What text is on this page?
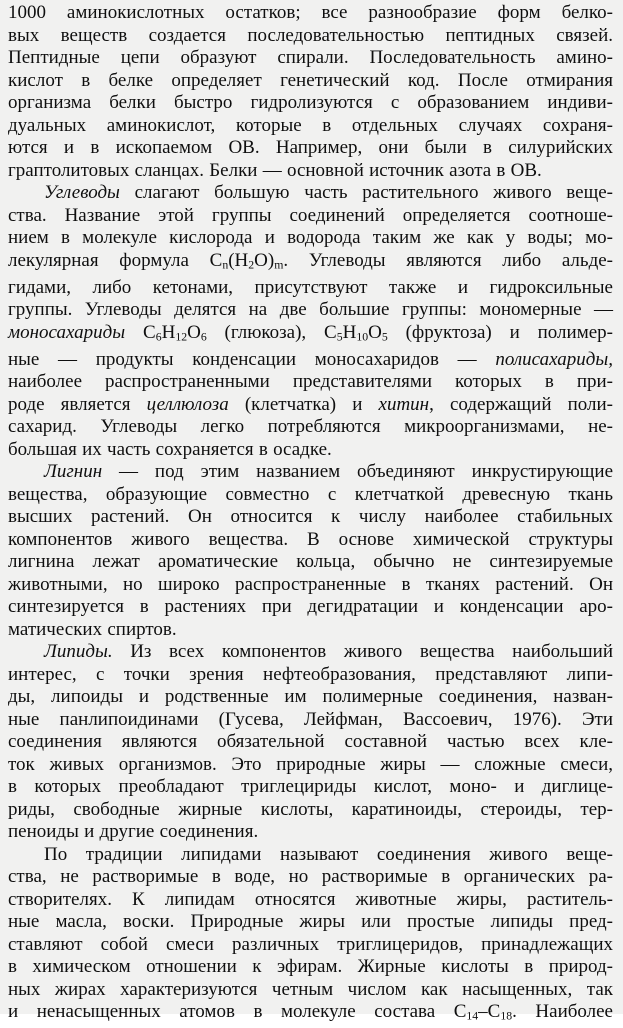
1000 аминокислотных остатков; все разнообразие форм белко-
вых веществ создается последовательностью пептидных связей.
Пептидные цепи образуют спирали. Последовательность амино-
кислот в белке определяет генетический код. После отмирания
организма белки быстро гидролизуются с образованием индиви-
дуальных аминокислот, которые в отдельных случаях сохраня-
ются и в ископаемом ОВ. Например, они были в силурийских
граптолитовых сланцах. Белки — основной источник азота в ОВ.
Углеводы слагают большую часть растительного живого веще-
ства. Название этой группы соединений определяется соотноше-
нием в молекуле кислорода и водорода таким же как у воды; мо-
лекулярная формула Cn(H2O)m. Углеводы являются либо альде-
гидами, либо кетонами, присутствуют также и гидроксильные
группы. Углеводы делятся на две большие группы: мономерные —
моносахариды C6H12O6 (глюкоза), C5H10O5 (фруктоза) и полимер-
ные — продукты конденсации моносахаридов — полисахариды,
наиболее распространенными представителями которых в при-
роде является целлюлоза (клетчатка) и хитин, содержащий поли-
сахарид. Углеводы легко потребляются микроорганизмами, не-
большая их часть сохраняется в осадке.
Лигнин — под этим названием объединяют инкрустирующие
вещества, образующие совместно с клетчаткой древесную ткань
высших растений. Он относится к числу наиболее стабильных
компонентов живого вещества. В основе химической структуры
лигнина лежат ароматические кольца, обычно не синтезируемые
животными, но широко распространенные в тканях растений. Он
синтезируется в растениях при дегидратации и конденсации аро-
матических спиртов.
Липиды. Из всех компонентов живого вещества наибольший
интерес, с точки зрения нефтеобразования, представляют липи-
ды, липоиды и родственные им полимерные соединения, назван-
ные панлипоидинами (Гусева, Лейфман, Вассоевич, 1976). Эти
соединения являются обязательной составной частью всех кле-
ток живых организмов. Это природные жиры — сложные смеси,
в которых преобладают триглецириды кислот, моно- и диглице-
риды, свободные жирные кислоты, каратиноиды, стероиды, тер-
пеноиды и другие соединения.
По традиции липидами называют соединения живого веще-
ства, не растворимые в воде, но растворимые в органических ра-
створителях. К липидам относятся животные жиры, раститель-
ные масла, воски. Природные жиры или простые липиды пред-
ставляют собой смеси различных триглицеридов, принадлежащих
в химическом отношении к эфирам. Жирные кислоты в природ-
ных жирах характеризуются четным числом как насыщенных, так
и ненасыщенных атомов в молекуле состава C14–C18. Наиболее
